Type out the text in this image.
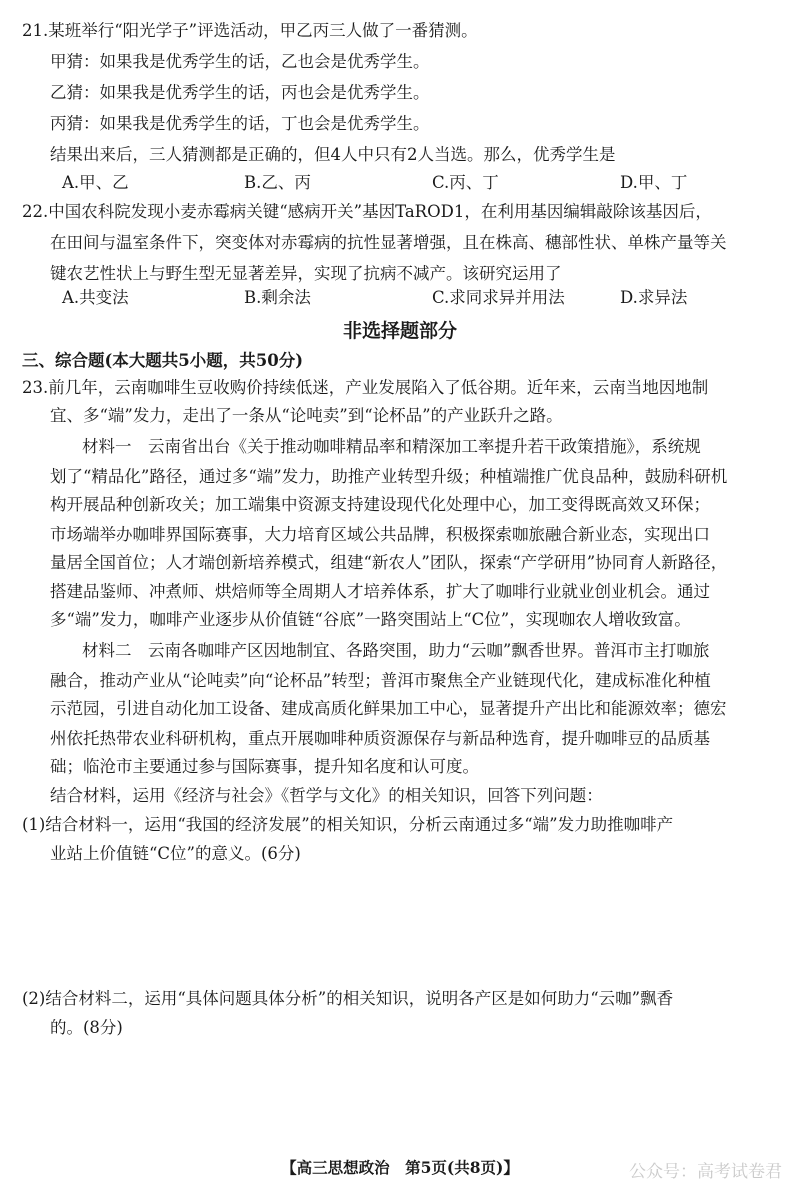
21.某班举行“阳光学子”评选活动，甲乙丙三人做了一番猜测。
甲猜：如果我是优秀学生的话，乙也会是优秀学生。
乙猜：如果我是优秀学生的话，丙也会是优秀学生。
丙猜：如果我是优秀学生的话，丁也会是优秀学生。
结果出来后，三人猜测都是正确的，但4人中只有2人当选。那么，优秀学生是
A.甲、乙	B.乙、丙	C.丙、丁	D.甲、丁
22.中国农科院发现小麦赤霉病关键“感病开关”基因TaROD1，在利用基因编辑敲除该基因后，
在田间与温室条件下，突变体对赤霉病的抗性显著增强，且在株高、穗部性状、单株产量等关
键农艺性状上与野生型无显著差异，实现了抗病不减产。该研究运用了
A.共变法	B.剩余法	C.求同求异并用法	D.求异法
非选择题部分
三、综合题(本大题共5小题，共50分)
23.前几年，云南咖啡生豆收购价持续低迷，产业发展陷入了低谷期。近年来，云南当地因地制
宜、多“端”发力，走出了一条从“论吨卖”到“论杯品”的产业跃升之路。
材料一　云南省出台《关于推动咖啡精品率和精深加工率提升若干政策措施》，系统规
划了“精品化”路径，通过多“端”发力，助推产业转型升级；种植端推广优良品种，鼓励科研机
构开展品种创新攻关；加工端集中资源支持建设现代化处理中心，加工变得既高效又环保；
市场端举办咖啡界国际赛事，大力培育区域公共品牌，积极探索咖旅融合新业态，实现出口
量居全国首位；人才端创新培养模式，组建“新农人”团队，探索“产学研用”协同育人新路径，
搭建品鉴师、冲煮师、烘焙师等全周期人才培养体系，扩大了咖啡行业就业创业机会。通过
多“端”发力，咖啡产业逐步从价值链“谷底”一路突围站上“C位”，实现咖农人增收致富。
材料二　云南各咖啡产区因地制宜、各路突围，助力“云咖”飘香世界。普洱市主打咖旅
融合，推动产业从“论吨卖”向“论杯品”转型；普洱市聚焦全产业链现代化，建成标准化种植
示范园，引进自动化加工设备、建成高质化鲜果加工中心，显著提升产出比和能源效率；德宏
州依托热带农业科研机构，重点开展咖啡种质资源保存与新品种选育，提升咖啡豆的品质基
础；临沧市主要通过参与国际赛事，提升知名度和认可度。
结合材料，运用《经济与社会》《哲学与文化》的相关知识，回答下列问题：
(1)结合材料一，运用“我国的经济发展”的相关知识，分析云南通过多“端”发力助推咖啡产
业站上价值链“C位”的意义。(6分)
(2)结合材料二，运用“具体问题具体分析”的相关知识，说明各产区是如何助力“云咖”飘香
的。(8分)
【高三思想政治　第5页(共8页)】	公众号：高考试卷君
